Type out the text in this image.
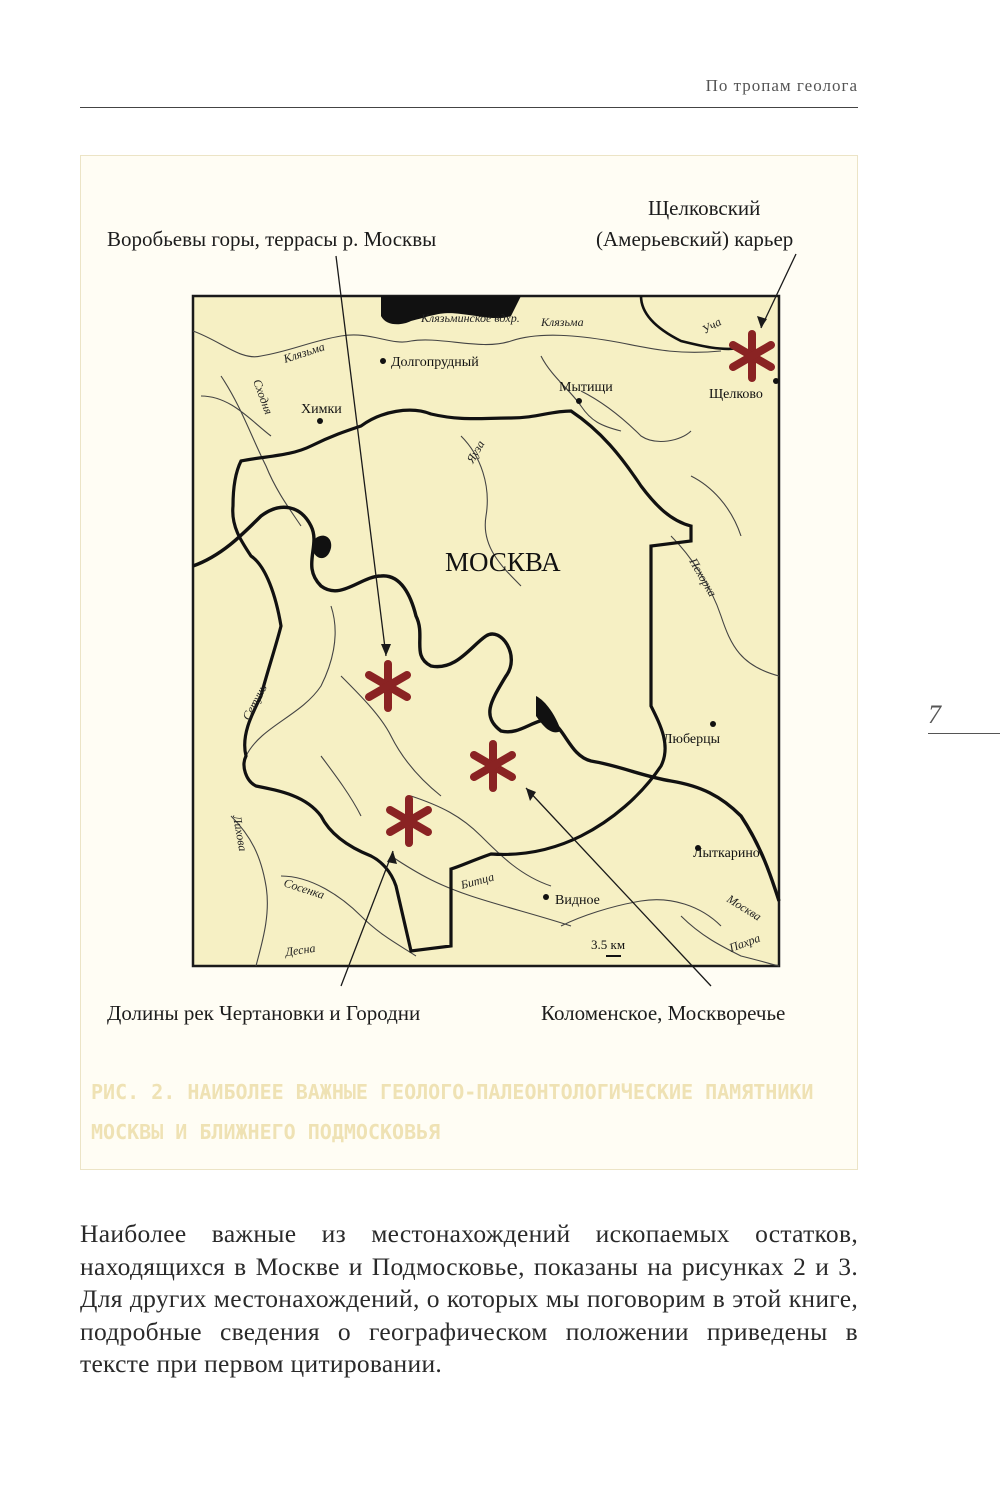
По тропам геолога
7
Воробьевы горы, террасы р. Москвы
Щелковский
(Амерьевский) карьер
Долины рек Чертановки и Городни	Коломенское, Москворечье
МОСКВА
Долгопрудный
Химки
Мытищи	Щелково
Люберцы
Лыткарино
Видное
Клязьминское вдхр.
Клязьма
Клязьма	Уча
Сходня
Яуза
Пехорка
Сетунь
Лихова
Сосенка	Битца
Десна
Москва
Пахра
3.5 км
РИС. 2. НАИБОЛЕЕ ВАЖНЫЕ ГЕОЛОГО-ПАЛЕОНТОЛОГИЧЕСКИЕ ПАМЯТНИКИ МОСКВЫ И БЛИЖНЕГО ПОДМОСКОВЬЯ
Наиболее важные из местонахождений ископаемых остатков, находящихся в Москве и Подмосковье, показаны на рисунках 2 и 3. Для других местонахождений, о которых мы поговорим в этой книге, подробные сведения о географическом положении приведены в тексте при первом цитировании.
